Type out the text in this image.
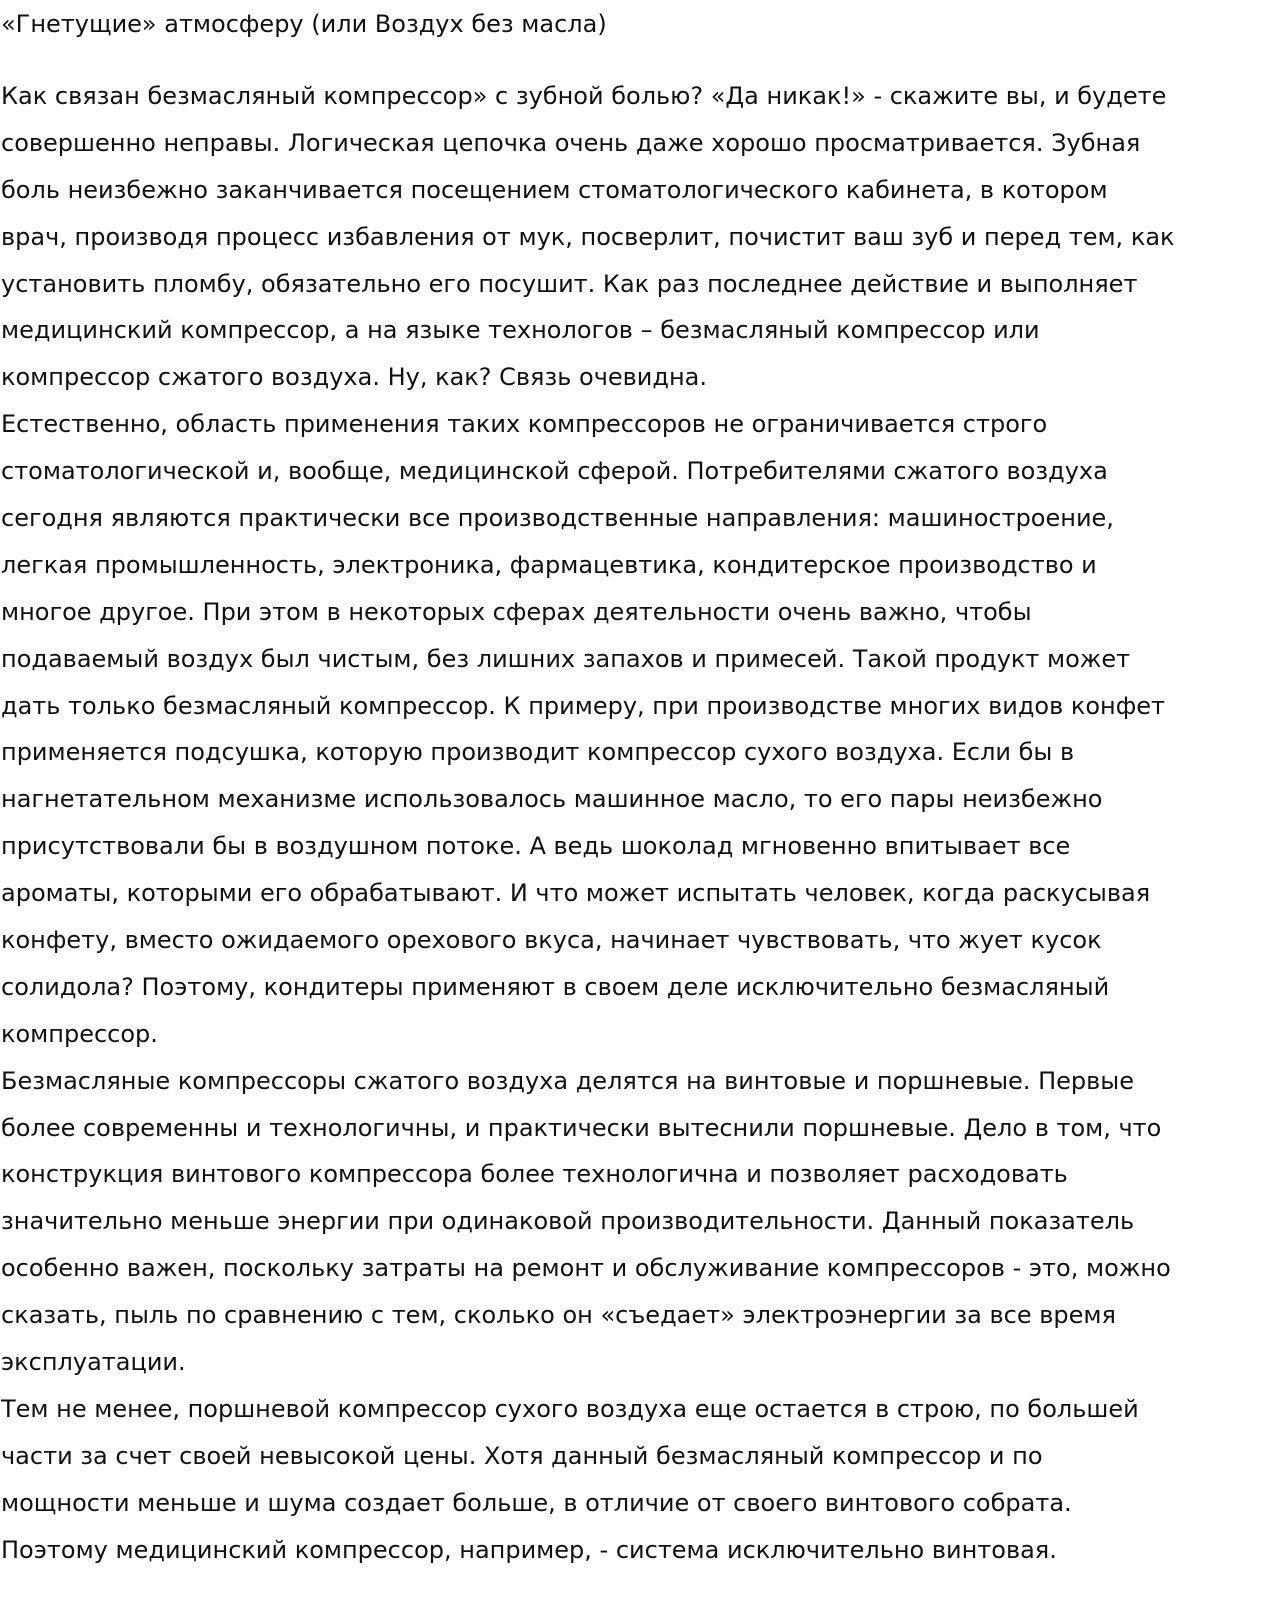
«Гнетущие» атмосферу (или Воздух без масла)
Как связан безмасляный компрессор» с зубной болью? «Да никак!» - скажите вы, и будете
совершенно неправы. Логическая цепочка очень даже хорошо просматривается. Зубная
боль неизбежно заканчивается посещением стоматологического кабинета, в котором
врач, производя процесс избавления от мук, посверлит, почистит ваш зуб и перед тем, как
установить пломбу, обязательно его посушит. Как раз последнее действие и выполняет
медицинский компрессор, а на языке технологов – безмасляный компрессор или
компрессор сжатого воздуха. Ну, как? Связь очевидна.
Естественно, область применения таких компрессоров не ограничивается строго
стоматологической и, вообще, медицинской сферой. Потребителями сжатого воздуха
сегодня являются практически все производственные направления: машиностроение,
легкая промышленность, электроника, фармацевтика, кондитерское производство и
многое другое. При этом в некоторых сферах деятельности очень важно, чтобы
подаваемый воздух был чистым, без лишних запахов и примесей. Такой продукт может
дать только безмасляный компрессор. К примеру, при производстве многих видов конфет
применяется подсушка, которую производит компрессор сухого воздуха. Если бы в
нагнетательном механизме использовалось машинное масло, то его пары неизбежно
присутствовали бы в воздушном потоке. А ведь шоколад мгновенно впитывает все
ароматы, которыми его обрабатывают. И что может испытать человек, когда раскусывая
конфету, вместо ожидаемого орехового вкуса, начинает чувствовать, что жует кусок
солидола? Поэтому, кондитеры применяют в своем деле исключительно безмасляный
компрессор.
Безмасляные компрессоры сжатого воздуха делятся на винтовые и поршневые. Первые
более современны и технологичны, и практически вытеснили поршневые. Дело в том, что
конструкция винтового компрессора более технологична и позволяет расходовать
значительно меньше энергии при одинаковой производительности. Данный показатель
особенно важен, поскольку затраты на ремонт и обслуживание компрессоров - это, можно
сказать, пыль по сравнению с тем, сколько он «съедает» электроэнергии за все время
эксплуатации.
Тем не менее, поршневой компрессор сухого воздуха еще остается в строю, по большей
части за счет своей невысокой цены. Хотя данный безмасляный компрессор и по
мощности меньше и шума создает больше, в отличие от своего винтового собрата.
Поэтому медицинский компрессор, например, - система исключительно винтовая.
